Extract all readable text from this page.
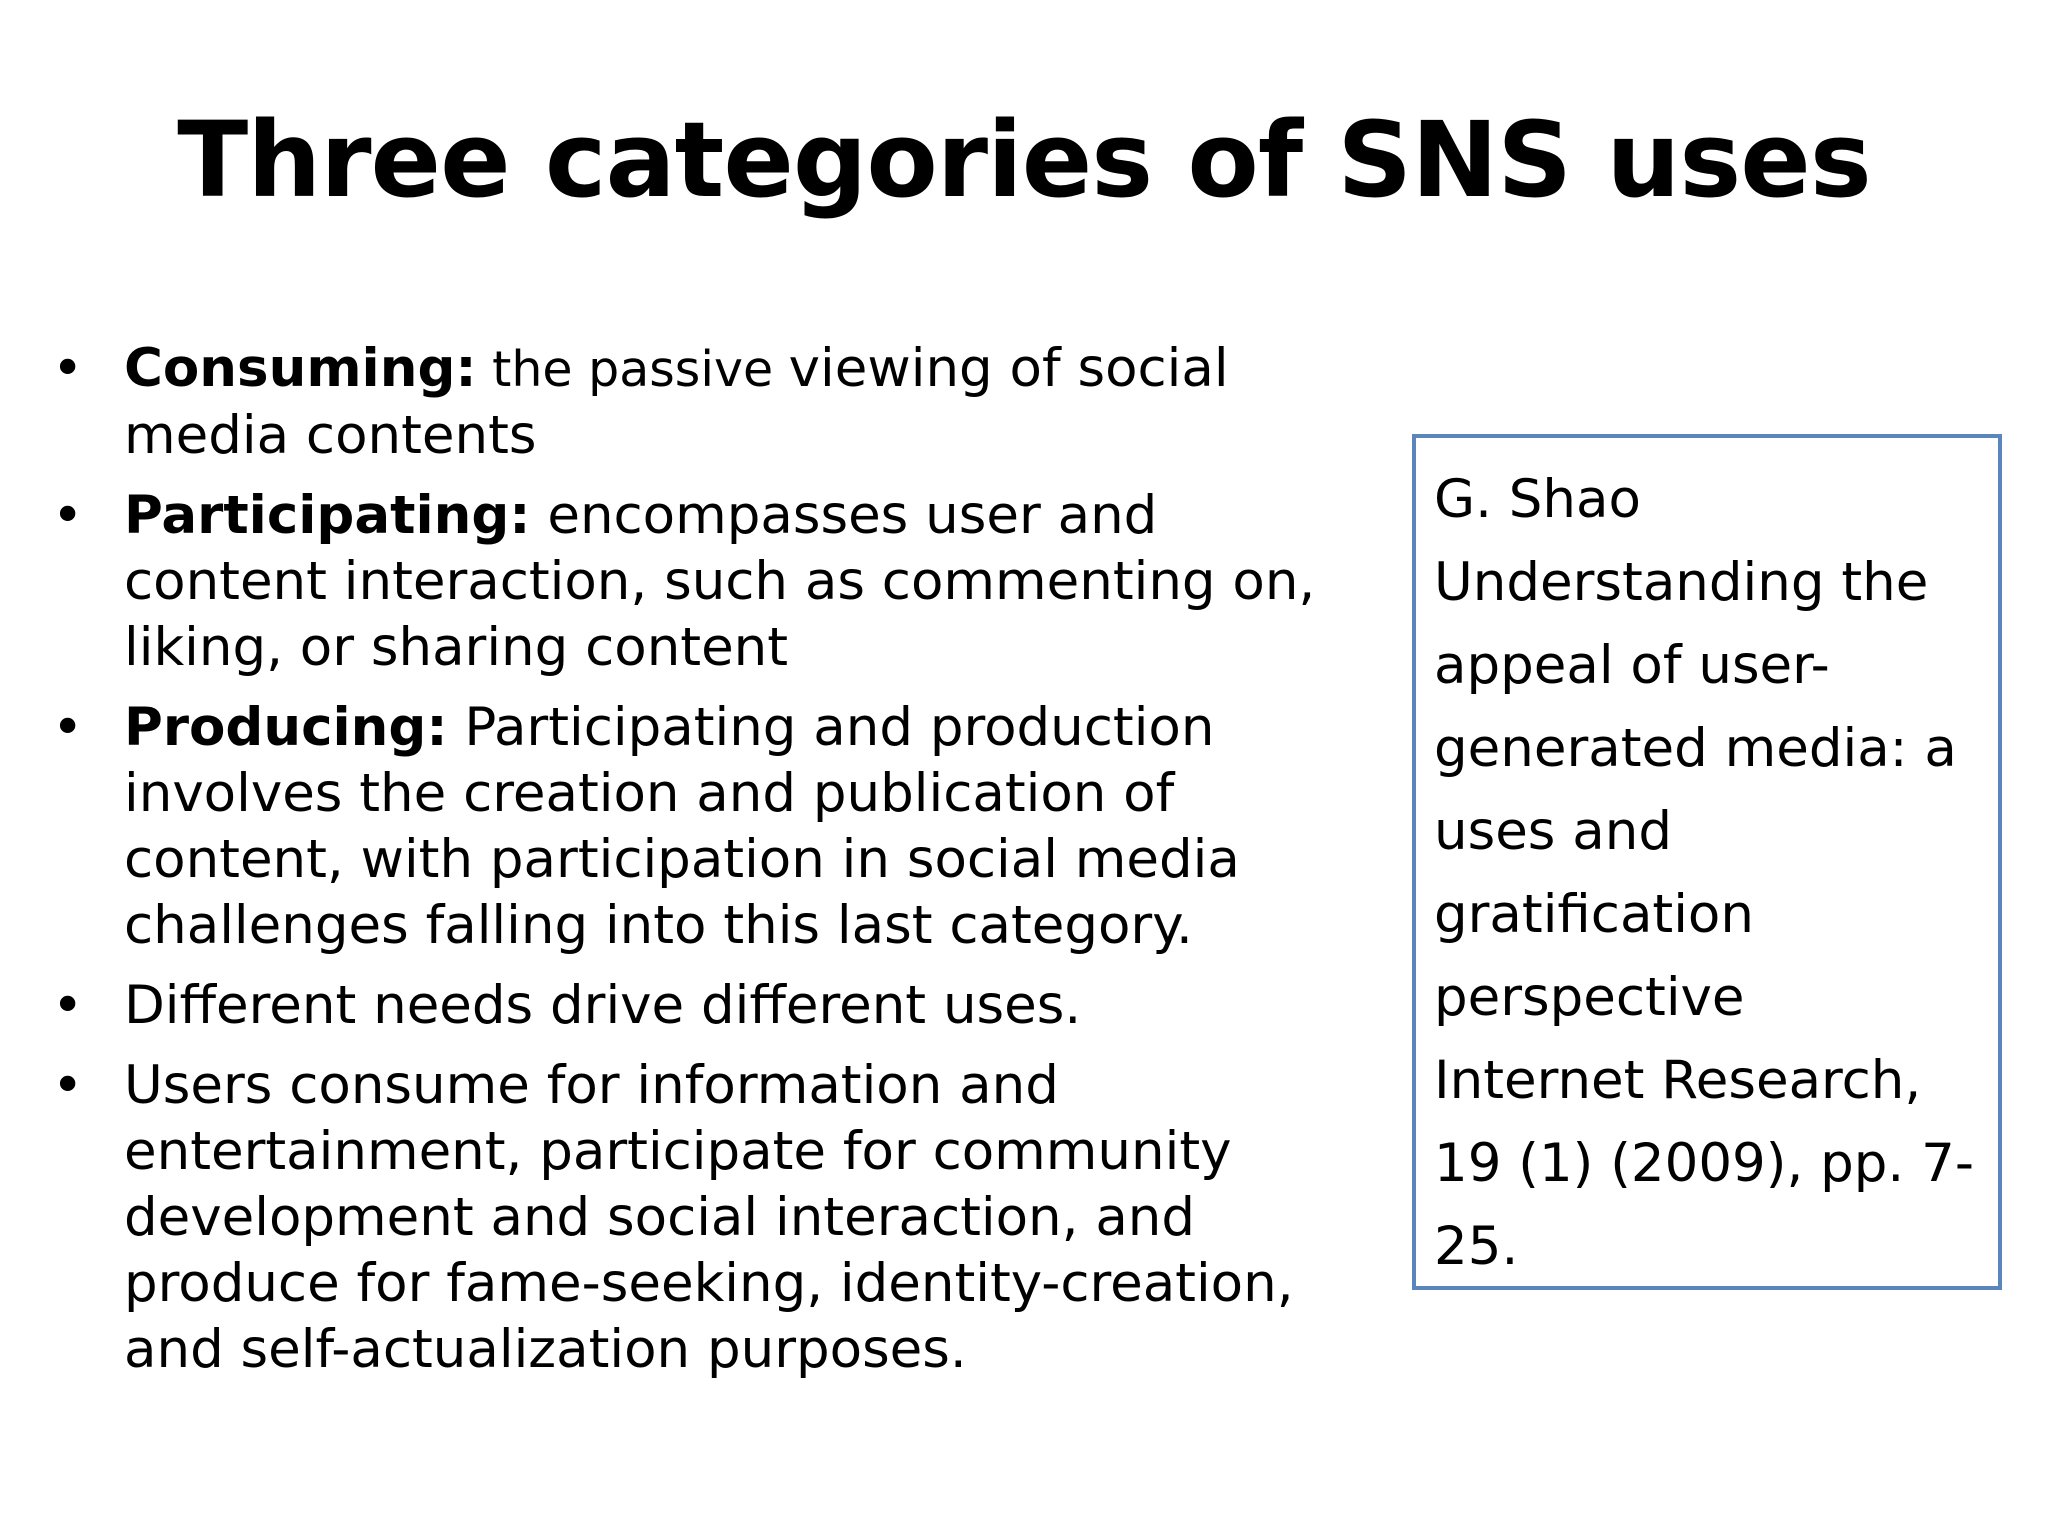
Three categories of SNS uses
• Consuming: the passive viewing of social media contents
• Participating: encompasses user and content interaction, such as commenting on, liking, or sharing content
• Producing: Participating and production involves the creation and publication of content, with participation in social media challenges falling into this last category.
• Different needs drive different uses.
• Users consume for information and entertainment, participate for community development and social interaction, and produce for fame-seeking, identity-creation, and self-actualization purposes.
G. Shao
Understanding the appeal of user-generated media: a uses and gratification perspective
Internet Research, 19 (1) (2009), pp. 7-25.
